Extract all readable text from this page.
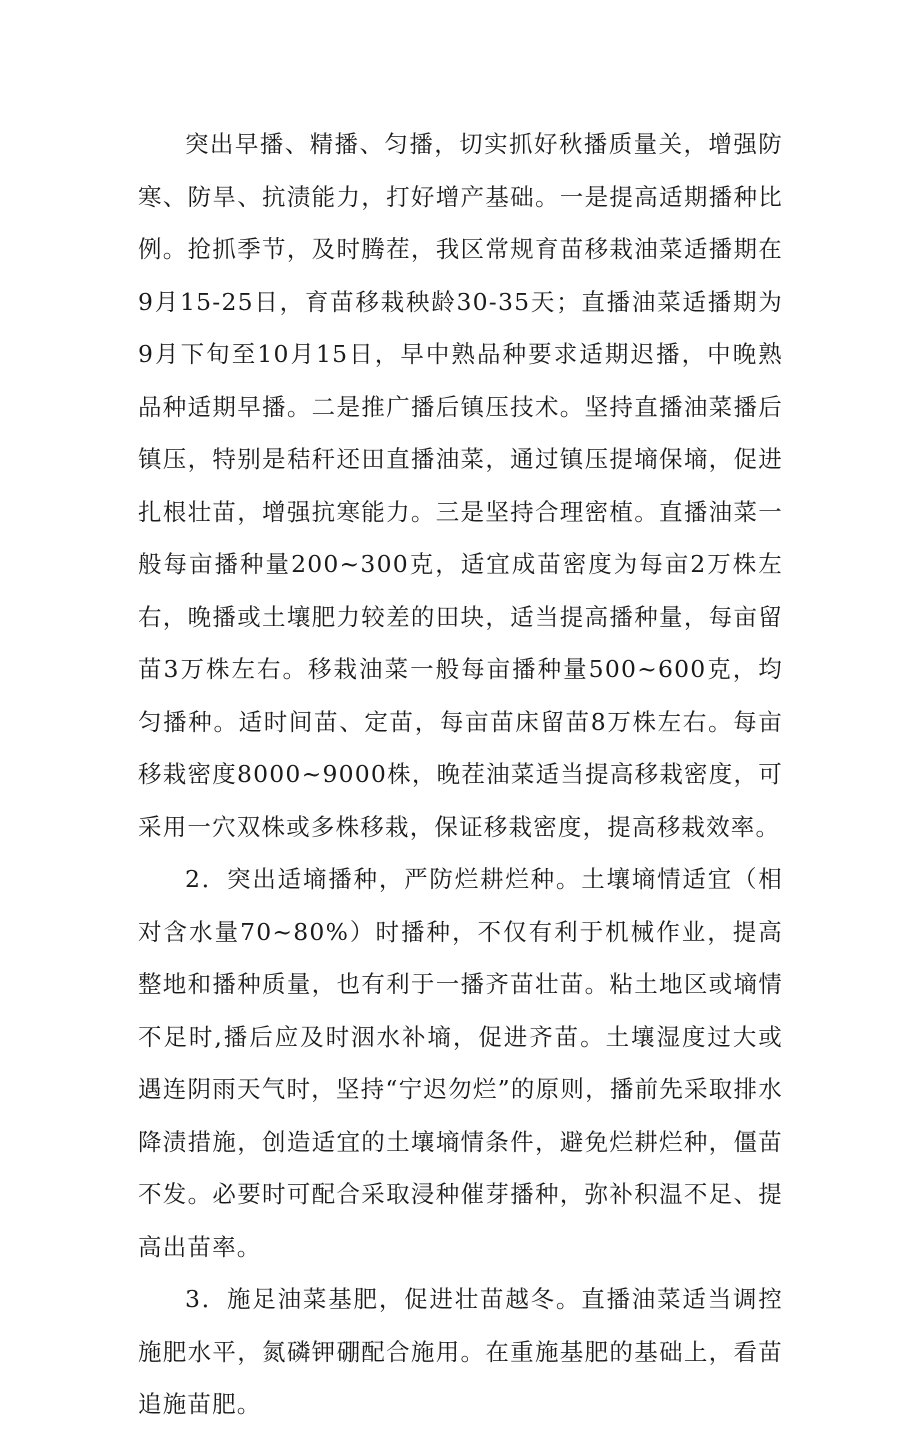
突出早播、精播、匀播，切实抓好秋播质量关，增强防寒、防旱、抗渍能力，打好增产基础。一是提高适期播种比例。抢抓季节，及时腾茬，我区常规育苗移栽油菜适播期在9月15-25日，育苗移栽秧龄30-35天；直播油菜适播期为9月下旬至10月15日，早中熟品种要求适期迟播，中晚熟品种适期早播。二是推广播后镇压技术。坚持直播油菜播后镇压，特别是秸秆还田直播油菜，通过镇压提墒保墒，促进扎根壮苗，增强抗寒能力。三是坚持合理密植。直播油菜一般每亩播种量200~300克，适宜成苗密度为每亩2万株左右，晚播或土壤肥力较差的田块，适当提高播种量，每亩留苗3万株左右。移栽油菜一般每亩播种量500~600克，均匀播种。适时间苗、定苗，每亩苗床留苗8万株左右。每亩移栽密度8000~9000株，晚茬油菜适当提高移栽密度，可采用一穴双株或多株移栽，保证移栽密度，提高移栽效率。

2．突出适墒播种，严防烂耕烂种。土壤墒情适宜（相对含水量70~80%）时播种，不仅有利于机械作业，提高整地和播种质量，也有利于一播齐苗壮苗。粘土地区或墒情不足时,播后应及时洇水补墒，促进齐苗。土壤湿度过大或遇连阴雨天气时，坚持“宁迟勿烂”的原则，播前先采取排水降渍措施，创造适宜的土壤墒情条件，避免烂耕烂种，僵苗不发。必要时可配合采取浸种催芽播种，弥补积温不足、提高出苗率。

3．施足油菜基肥，促进壮苗越冬。直播油菜适当调控施肥水平，氮磷钾硼配合施用。在重施基肥的基础上，看苗追施苗肥。
